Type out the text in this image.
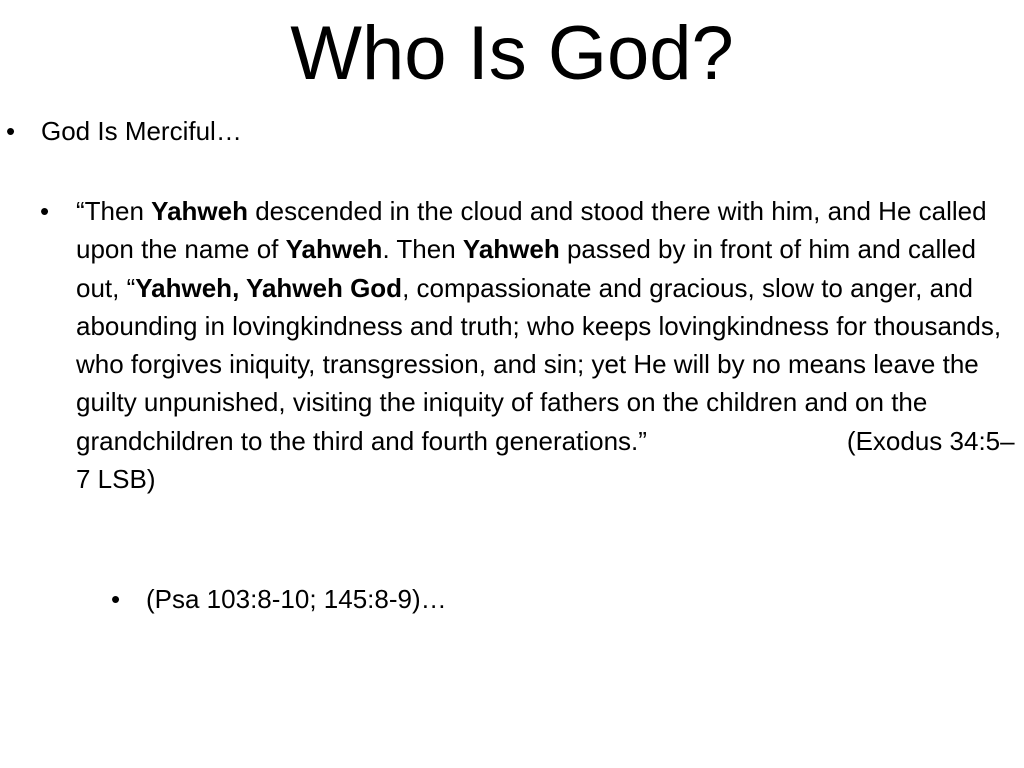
Who Is God?
• God Is Merciful…
• “Then Yahweh descended in the cloud and stood there with him, and He called upon the name of Yahweh. Then Yahweh passed by in front of him and called out, “Yahweh, Yahweh God, compassionate and gracious, slow to anger, and abounding in lovingkindness and truth; who keeps lovingkindness for thousands, who forgives iniquity, transgression, and sin; yet He will by no means leave the guilty unpunished, visiting the iniquity of fathers on the children and on the grandchildren to the third and fourth generations.”	(Exodus 34:5–7 LSB)
• (Psa 103:8-10; 145:8-9)…
